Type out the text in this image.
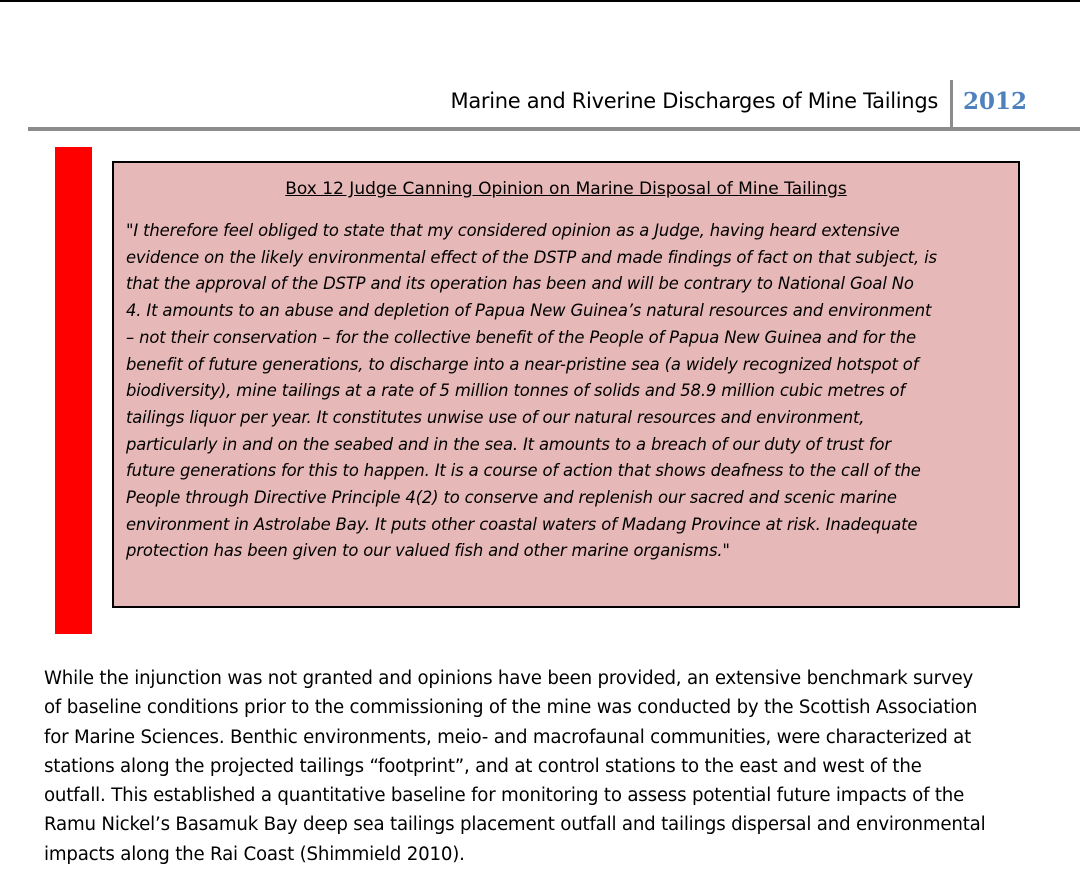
Marine and Riverine Discharges of Mine Tailings 2012
Box 12 Judge Canning Opinion on Marine Disposal of Mine Tailings

"I therefore feel obliged to state that my considered opinion as a Judge, having heard extensive
evidence on the likely environmental effect of the DSTP and made findings of fact on that subject, is
that the approval of the DSTP and its operation has been and will be contrary to National Goal No
4. It amounts to an abuse and depletion of Papua New Guinea’s natural resources and environment
– not their conservation – for the collective benefit of the People of Papua New Guinea and for the
benefit of future generations, to discharge into a near-pristine sea (a widely recognized hotspot of
biodiversity), mine tailings at a rate of 5 million tonnes of solids and 58.9 million cubic metres of
tailings liquor per year. It constitutes unwise use of our natural resources and environment,
particularly in and on the seabed and in the sea. It amounts to a breach of our duty of trust for
future generations for this to happen. It is a course of action that shows deafness to the call of the
People through Directive Principle 4(2) to conserve and replenish our sacred and scenic marine
environment in Astrolabe Bay. It puts other coastal waters of Madang Province at risk. Inadequate
protection has been given to our valued fish and other marine organisms."

While the injunction was not granted and opinions have been provided, an extensive benchmark survey
of baseline conditions prior to the commissioning of the mine was conducted by the Scottish Association
for Marine Sciences. Benthic environments, meio- and macrofaunal communities, were characterized at
stations along the projected tailings “footprint”, and at control stations to the east and west of the
outfall. This established a quantitative baseline for monitoring to assess potential future impacts of the
Ramu Nickel’s Basamuk Bay deep sea tailings placement outfall and tailings dispersal and environmental
impacts along the Rai Coast (Shimmield 2010).
